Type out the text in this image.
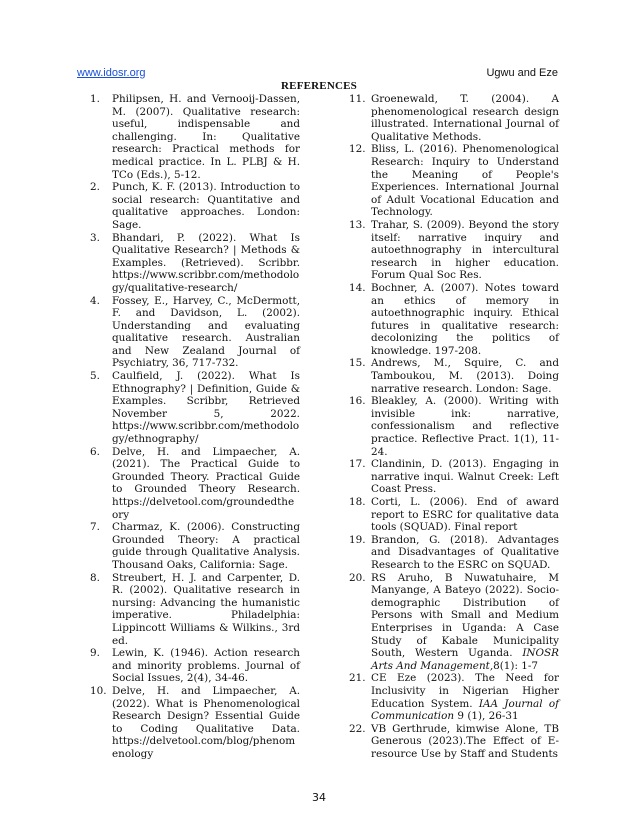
www.idosr.org	Ugwu and Eze
REFERENCES
1. Philipsen, H. and Vernooij-Dassen, M. (2007). Qualitative research: useful, indispensable and challenging. In: Qualitative research: Practical methods for medical practice. In L. PLBJ & H. TCo (Eds.), 5-12.
2. Punch, K. F. (2013). Introduction to social research: Quantitative and qualitative approaches. London: Sage.
3. Bhandari, P. (2022). What Is Qualitative Research? | Methods & Examples. (Retrieved). Scribbr. https://www.scribbr.com/methodology/qualitative-research/
4. Fossey, E., Harvey, C., McDermott, F. and Davidson, L. (2002). Understanding and evaluating qualitative research. Australian and New Zealand Journal of Psychiatry, 36, 717-732.
5. Caulfield, J. (2022). What Is Ethnography? | Definition, Guide & Examples. Scribbr, Retrieved November 5, 2022. https://www.scribbr.com/methodology/ethnography/
6. Delve, H. and Limpaecher, A. (2021). The Practical Guide to Grounded Theory. Practical Guide to Grounded Theory Research. https://delvetool.com/groundedtheory
7. Charmaz, K. (2006). Constructing Grounded Theory: A practical guide through Qualitative Analysis. Thousand Oaks, California: Sage.
8. Streubert, H. J. and Carpenter, D. R. (2002). Qualitative research in nursing: Advancing the humanistic imperative. Philadelphia: Lippincott Williams & Wilkins., 3rd ed.
9. Lewin, K. (1946). Action research and minority problems. Journal of Social Issues, 2(4), 34-46.
10. Delve, H. and Limpaecher, A. (2022). What is Phenomenological Research Design? Essential Guide to Coding Qualitative Data. https://delvetool.com/blog/phenomenology
11. Groenewald, T. (2004). A phenomenological research design illustrated. International Journal of Qualitative Methods.
12. Bliss, L. (2016). Phenomenological Research: Inquiry to Understand the Meaning of People's Experiences. International Journal of Adult Vocational Education and Technology.
13. Trahar, S. (2009). Beyond the story itself: narrative inquiry and autoethnography in intercultural research in higher education. Forum Qual Soc Res.
14. Bochner, A. (2007). Notes toward an ethics of memory in autoethnographic inquiry. Ethical futures in qualitative research: decolonizing the politics of knowledge. 197-208.
15. Andrews, M., Squire, C. and Tamboukou, M. (2013). Doing narrative research. London: Sage.
16. Bleakley, A. (2000). Writing with invisible ink: narrative, confessionalism and reflective practice. Reflective Pract. 1(1), 11-24.
17. Clandinin, D. (2013). Engaging in narrative inqui. Walnut Creek: Left Coast Press.
18. Corti, L. (2006). End of award report to ESRC for qualitative data tools (SQUAD). Final report
19. Brandon, G. (2018). Advantages and Disadvantages of Qualitative Research to the ESRC on SQUAD.
20. RS Aruho, B Nuwatuhaire, M Manyange, A Bateyo (2022). Socio-demographic Distribution of Persons with Small and Medium Enterprises in Uganda: A Case Study of Kabale Municipality South, Western Uganda. INOSR Arts And Management,8(1): 1-7
21. CE Eze (2023). The Need for Inclusivity in Nigerian Higher Education System. IAA Journal of Communication 9 (1), 26-31
22. VB Gerthrude, kimwise Alone, TB Generous (2023).The Effect of E-resource Use by Staff and Students
34
